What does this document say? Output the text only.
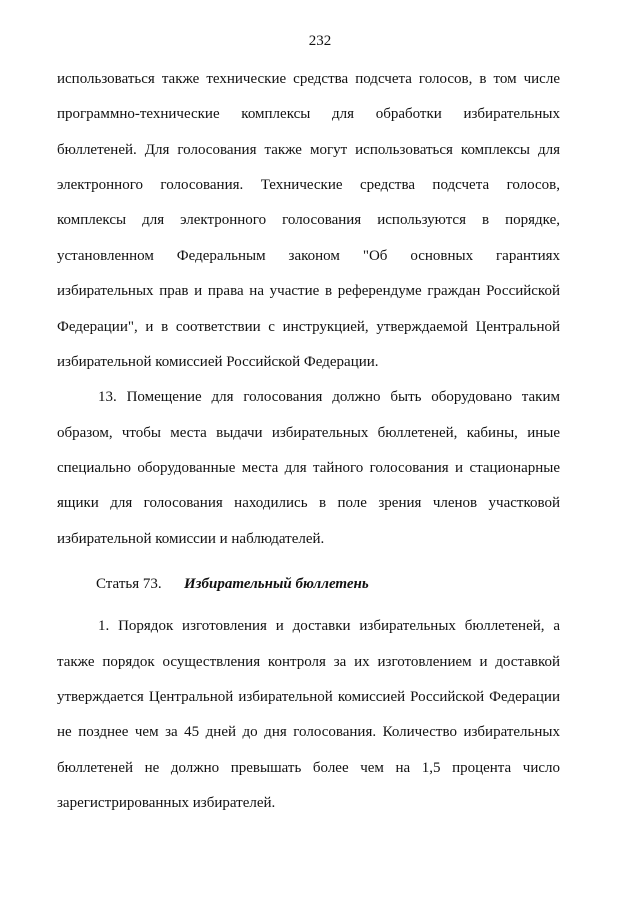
232
использоваться также технические средства подсчета голосов, в том числе
программно-технические комплексы для обработки избирательных
бюллетеней. Для голосования также могут использоваться комплексы для
электронного голосования. Технические средства подсчета голосов,
комплексы для электронного голосования используются в порядке,
установленном Федеральным законом "Об основных гарантиях
избирательных прав и права на участие в референдуме граждан Российской
Федерации", и в соответствии с инструкцией, утверждаемой Центральной
избирательной комиссией Российской Федерации.
13. Помещение для голосования должно быть оборудовано таким
образом, чтобы места выдачи избирательных бюллетеней, кабины, иные
специально оборудованные места для тайного голосования и стационарные
ящики для голосования находились в поле зрения членов участковой
избирательной комиссии и наблюдателей.
Статья 73. Избирательный бюллетень
1. Порядок изготовления и доставки избирательных бюллетеней, а
также порядок осуществления контроля за их изготовлением и доставкой
утверждается Центральной избирательной комиссией Российской Федерации
не позднее чем за 45 дней до дня голосования. Количество избирательных
бюллетеней не должно превышать более чем на 1,5 процента число
зарегистрированных избирателей.
